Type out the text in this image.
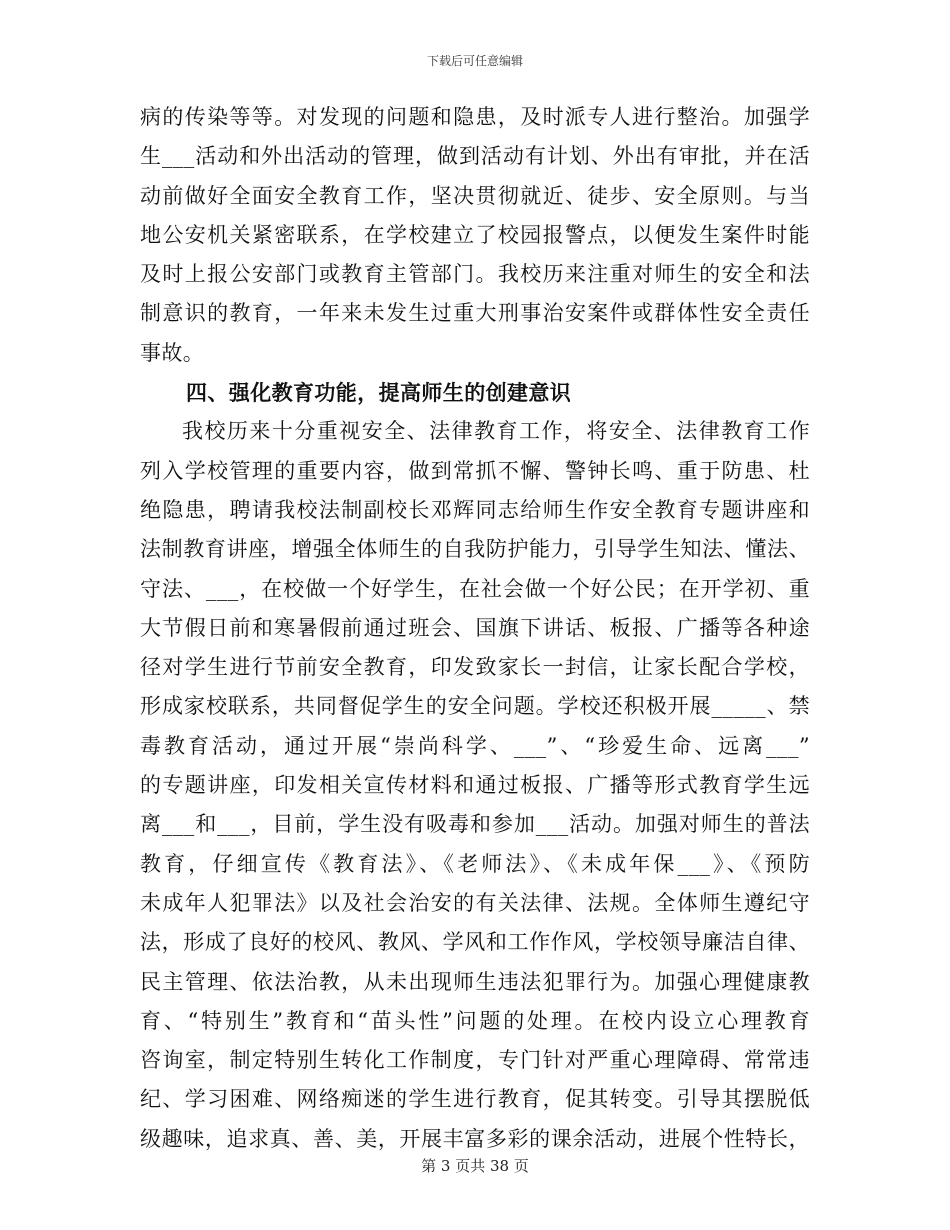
下载后可任意编辑
病的传染等等。对发现的问题和隐患，及时派专人进行整治。加强学
生___活动和外出活动的管理，做到活动有计划、外出有审批，并在活
动前做好全面安全教育工作，坚决贯彻就近、徒步、安全原则。与当
地公安机关紧密联系，在学校建立了校园报警点，以便发生案件时能
及时上报公安部门或教育主管部门。我校历来注重对师生的安全和法
制意识的教育，一年来未发生过重大刑事治安案件或群体性安全责任
事故。
四、强化教育功能，提高师生的创建意识
我校历来十分重视安全、法律教育工作，将安全、法律教育工作
列入学校管理的重要内容，做到常抓不懈、警钟长鸣、重于防患、杜
绝隐患，聘请我校法制副校长邓辉同志给师生作安全教育专题讲座和
法制教育讲座，增强全体师生的自我防护能力，引导学生知法、懂法、
守法、___，在校做一个好学生，在社会做一个好公民；在开学初、重
大节假日前和寒暑假前通过班会、国旗下讲话、板报、广播等各种途
径对学生进行节前安全教育，印发致家长一封信，让家长配合学校，
形成家校联系，共同督促学生的安全问题。学校还积极开展_____、禁
毒教育活动，通过开展“崇尚科学、___”、“珍爱生命、远离___”
的专题讲座，印发相关宣传材料和通过板报、广播等形式教育学生远
离___和___，目前，学生没有吸毒和参加___活动。加强对师生的普法
教育，仔细宣传《教育法》、《老师法》、《未成年保___》、《预防
未成年人犯罪法》以及社会治安的有关法律、法规。全体师生遵纪守
法，形成了良好的校风、教风、学风和工作作风，学校领导廉洁自律、
民主管理、依法治教，从未出现师生违法犯罪行为。加强心理健康教
育、“特别生”教育和“苗头性”问题的处理。在校内设立心理教育
咨询室，制定特别生转化工作制度，专门针对严重心理障碍、常常违
纪、学习困难、网络痴迷的学生进行教育，促其转变。引导其摆脱低
级趣味，追求真、善、美，开展丰富多彩的课余活动，进展个性特长，
第 3 页共 38 页
